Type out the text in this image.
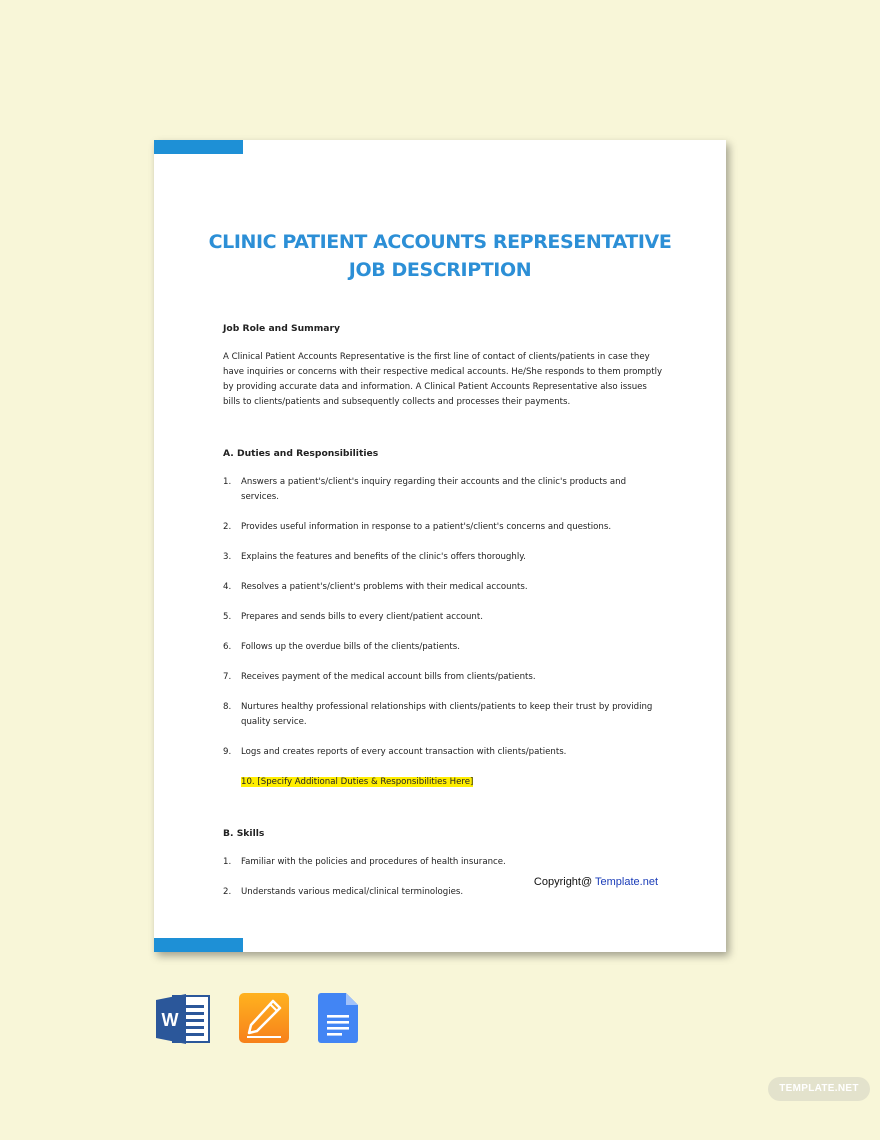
CLINIC PATIENT ACCOUNTS REPRESENTATIVE
JOB DESCRIPTION
Job Role and Summary
A Clinical Patient Accounts Representative is the first line of contact of clients/patients in case they have inquiries or concerns with their respective medical accounts. He/She responds to them promptly by providing accurate data and information. A Clinical Patient Accounts Representative also issues bills to clients/patients and subsequently collects and processes their payments.
A. Duties and Responsibilities
1. Answers a patient's/client's inquiry regarding their accounts and the clinic's products and services.
2. Provides useful information in response to a patient's/client's concerns and questions.
3. Explains the features and benefits of the clinic's offers thoroughly.
4. Resolves a patient's/client's problems with their medical accounts.
5. Prepares and sends bills to every client/patient account.
6. Follows up the overdue bills of the clients/patients.
7. Receives payment of the medical account bills from clients/patients.
8. Nurtures healthy professional relationships with clients/patients to keep their trust by providing quality service.
9. Logs and creates reports of every account transaction with clients/patients.
10. [Specify Additional Duties & Responsibilities Here]
B. Skills
1. Familiar with the policies and procedures of health insurance.
2. Understands various medical/clinical terminologies.
Copyright@ Template.net
W
TEMPLATE.NET
